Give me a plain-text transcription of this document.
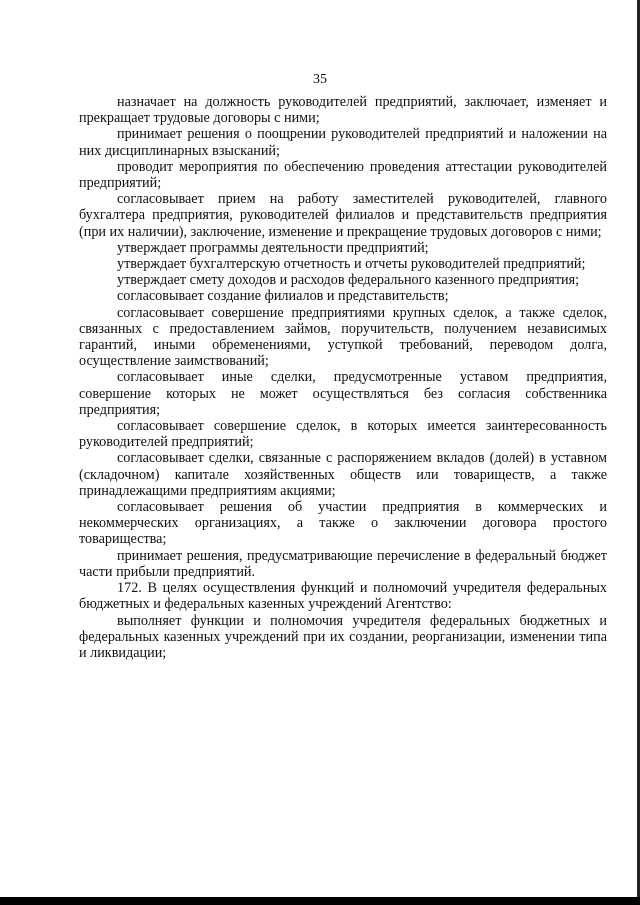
35

назначает на должность руководителей предприятий, заключает, изменяет и прекращает трудовые договоры с ними;

принимает решения о поощрении руководителей предприятий и наложении на них дисциплинарных взысканий;

проводит мероприятия по обеспечению проведения аттестации руководителей предприятий;

согласовывает прием на работу заместителей руководителей, главного бухгалтера предприятия, руководителей филиалов и представительств предприятия (при их наличии), заключение, изменение и прекращение трудовых договоров с ними;

утверждает программы деятельности предприятий;

утверждает бухгалтерскую отчетность и отчеты руководителей предприятий;

утверждает смету доходов и расходов федерального казенного предприятия;

согласовывает создание филиалов и представительств;

согласовывает совершение предприятиями крупных сделок, а также сделок, связанных с предоставлением займов, поручительств, получением независимых гарантий, иными обременениями, уступкой требований, переводом долга, осуществление заимствований;

согласовывает иные сделки, предусмотренные уставом предприятия, совершение которых не может осуществляться без согласия собственника предприятия;

согласовывает совершение сделок, в которых имеется заинтересованность руководителей предприятий;

согласовывает сделки, связанные с распоряжением вкладов (долей) в уставном (складочном) капитале хозяйственных обществ или товариществ, а также принадлежащими предприятиям акциями;

согласовывает решения об участии предприятия в коммерческих и некоммерческих организациях, а также о заключении договора простого товарищества;

принимает решения, предусматривающие перечисление в федеральный бюджет части прибыли предприятий.

172. В целях осуществления функций и полномочий учредителя федеральных бюджетных и федеральных казенных учреждений Агентство:

выполняет функции и полномочия учредителя федеральных бюджетных и федеральных казенных учреждений при их создании, реорганизации, изменении типа и ликвидации;
